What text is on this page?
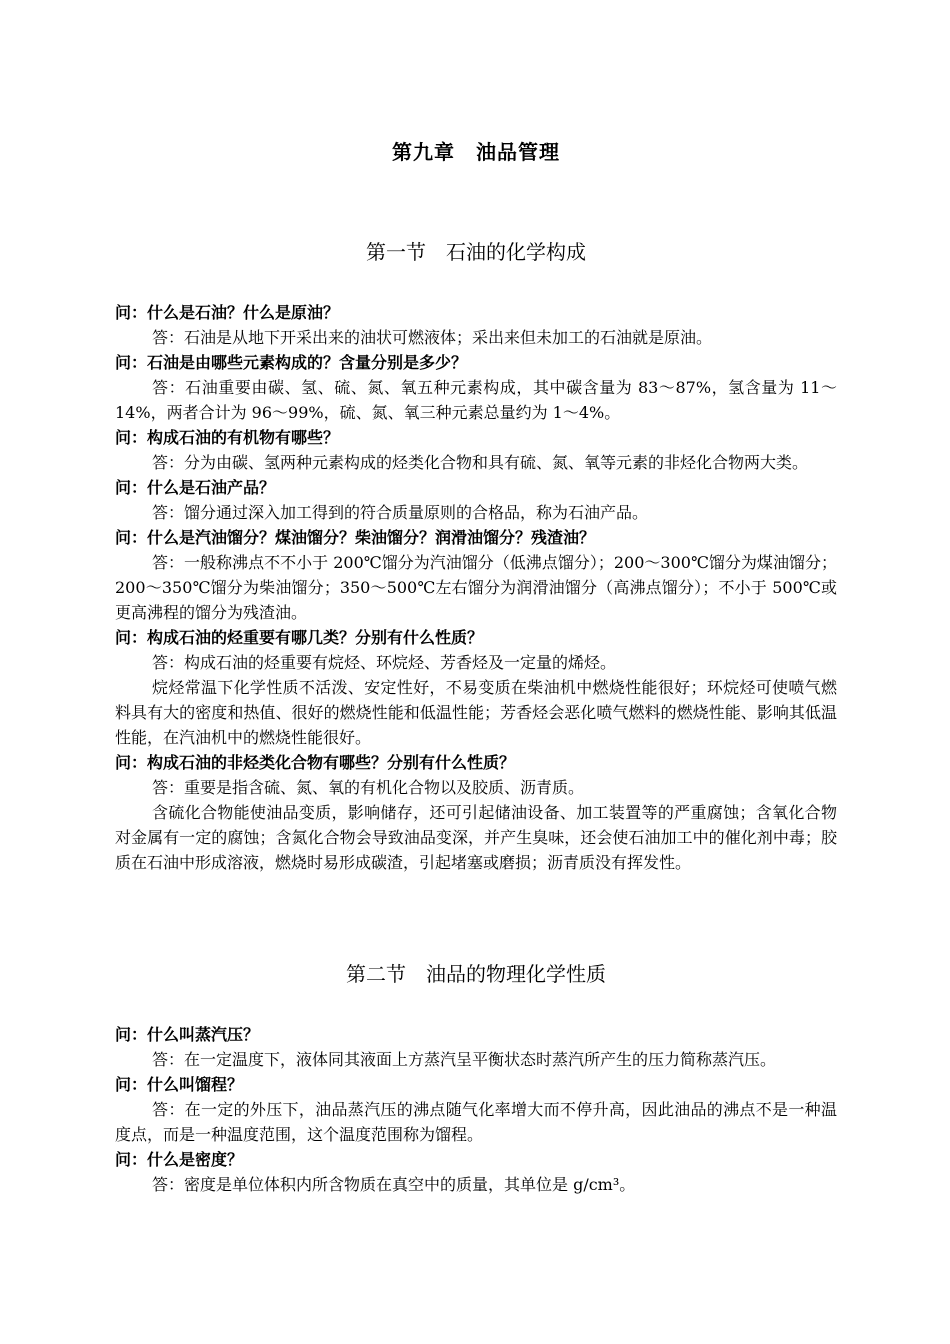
第九章　油品管理
第一节　石油的化学构成

问：什么是石油？什么是原油？

答：石油是从地下开采出来的油状可燃液体；采出来但未加工的石油就是原油。

问：石油是由哪些元素构成的？含量分别是多少？

答：石油重要由碳、氢、硫、氮、氧五种元素构成，其中碳含量为 83～87%，氢含量为 11～14%，两者合计为 96～99%，硫、氮、氧三种元素总量约为 1～4%。

问：构成石油的有机物有哪些？

答：分为由碳、氢两种元素构成的烃类化合物和具有硫、氮、氧等元素的非烃化合物两大类。

问：什么是石油产品？

答：馏分通过深入加工得到的符合质量原则的合格品，称为石油产品。

问：什么是汽油馏分？煤油馏分？柴油馏分？润滑油馏分？残渣油？

答：一般称沸点不不小于 200℃馏分为汽油馏分（低沸点馏分）；200～300℃馏分为煤油馏分；200～350℃馏分为柴油馏分；350～500℃左右馏分为润滑油馏分（高沸点馏分）；不小于 500℃或更高沸程的馏分为残渣油。

问：构成石油的烃重要有哪几类？分别有什么性质？

答：构成石油的烃重要有烷烃、环烷烃、芳香烃及一定量的烯烃。

烷烃常温下化学性质不活泼、安定性好，不易变质在柴油机中燃烧性能很好；环烷烃可使喷气燃料具有大的密度和热值、很好的燃烧性能和低温性能；芳香烃会恶化喷气燃料的燃烧性能、影响其低温性能，在汽油机中的燃烧性能很好。

问：构成石油的非烃类化合物有哪些？分别有什么性质？

答：重要是指含硫、氮、氧的有机化合物以及胶质、沥青质。

含硫化合物能使油品变质，影响储存，还可引起储油设备、加工装置等的严重腐蚀；含氧化合物对金属有一定的腐蚀；含氮化合物会导致油品变深，并产生臭味，还会使石油加工中的催化剂中毒；胶质在石油中形成溶液，燃烧时易形成碳渣，引起堵塞或磨损；沥青质没有挥发性。

第二节　油品的物理化学性质

问：什么叫蒸汽压？

答：在一定温度下，液体同其液面上方蒸汽呈平衡状态时蒸汽所产生的压力简称蒸汽压。

问：什么叫馏程？

答：在一定的外压下，油品蒸汽压的沸点随气化率增大而不停升高，因此油品的沸点不是一种温度点，而是一种温度范围，这个温度范围称为馏程。

问：什么是密度？

答：密度是单位体积内所含物质在真空中的质量，其单位是 g/cm³。
